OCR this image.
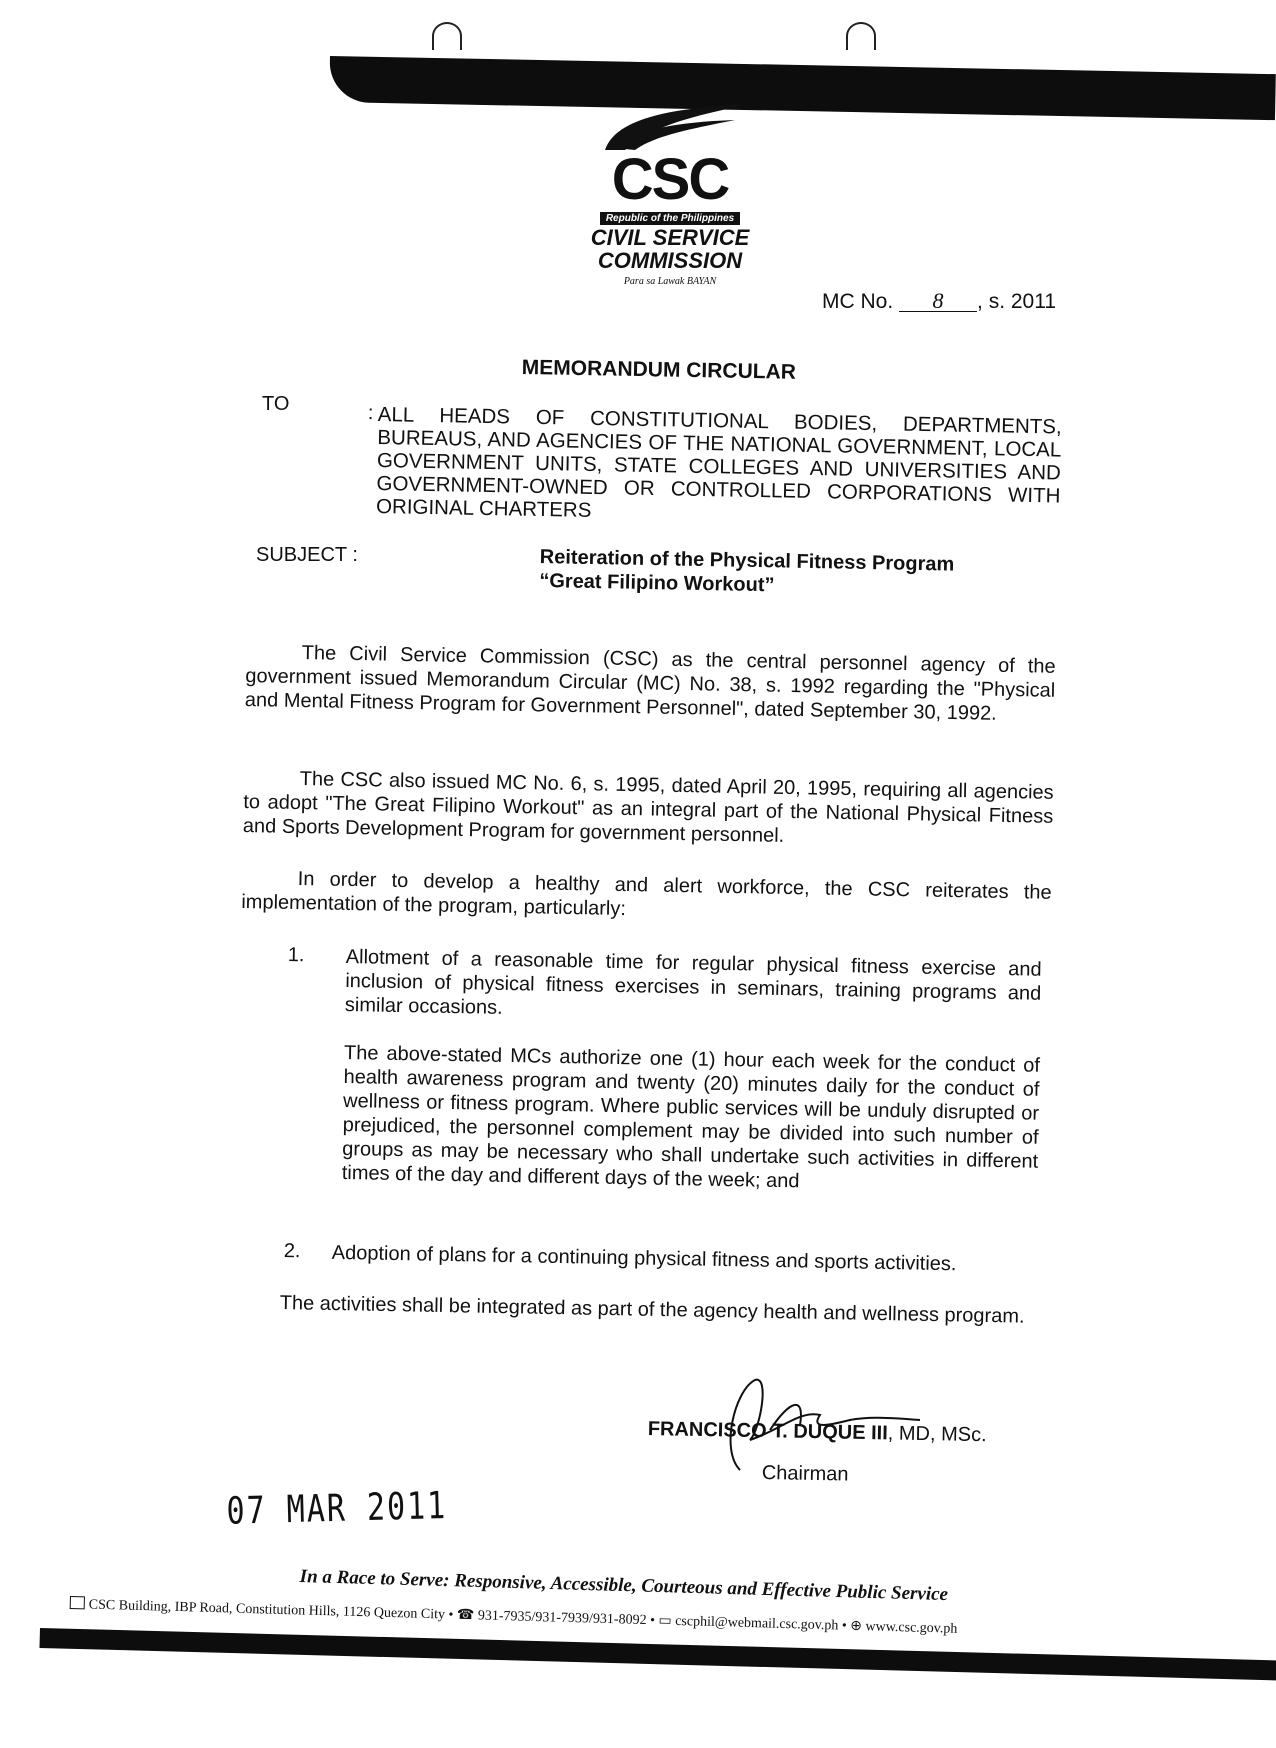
CSC
Republic of the Philippines
CIVIL SERVICE
COMMISSION
Para sa Lawak BAYAN
MC No. 8 , s. 2011
MEMORANDUM CIRCULAR
TO	: ALL HEADS OF CONSTITUTIONAL BODIES, DEPARTMENTS, BUREAUS, AND AGENCIES OF THE NATIONAL GOVERNMENT, LOCAL GOVERNMENT UNITS, STATE COLLEGES AND UNIVERSITIES AND GOVERNMENT-OWNED OR CONTROLLED CORPORATIONS WITH ORIGINAL CHARTERS
SUBJECT :	Reiteration of the Physical Fitness Program
“Great Filipino Workout”

The Civil Service Commission (CSC) as the central personnel agency of the government issued Memorandum Circular (MC) No. 38, s. 1992 regarding the "Physical and Mental Fitness Program for Government Personnel", dated September 30, 1992.

The CSC also issued MC No. 6, s. 1995, dated April 20, 1995, requiring all agencies to adopt "The Great Filipino Workout" as an integral part of the National Physical Fitness and Sports Development Program for government personnel.

In order to develop a healthy and alert workforce, the CSC reiterates the implementation of the program, particularly:

1. Allotment of a reasonable time for regular physical fitness exercise and inclusion of physical fitness exercises in seminars, training programs and similar occasions.
The above-stated MCs authorize one (1) hour each week for the conduct of health awareness program and twenty (20) minutes daily for the conduct of wellness or fitness program. Where public services will be unduly disrupted or prejudiced, the personnel complement may be divided into such number of groups as may be necessary who shall undertake such activities in different times of the day and different days of the week; and
2. Adoption of plans for a continuing physical fitness and sports activities.

The activities shall be integrated as part of the agency health and wellness program.

FRANCISCO T. DUQUE III, MD, MSc.
Chairman
07 MAR 2011
In a Race to Serve: Responsive, Accessible, Courteous and Effective Public Service
CSC Building, IBP Road, Constitution Hills, 1126 Quezon City • ☎ 931-7935/931-7939/931-8092 • ▭ cscphil@webmail.csc.gov.ph • ⊕ www.csc.gov.ph
